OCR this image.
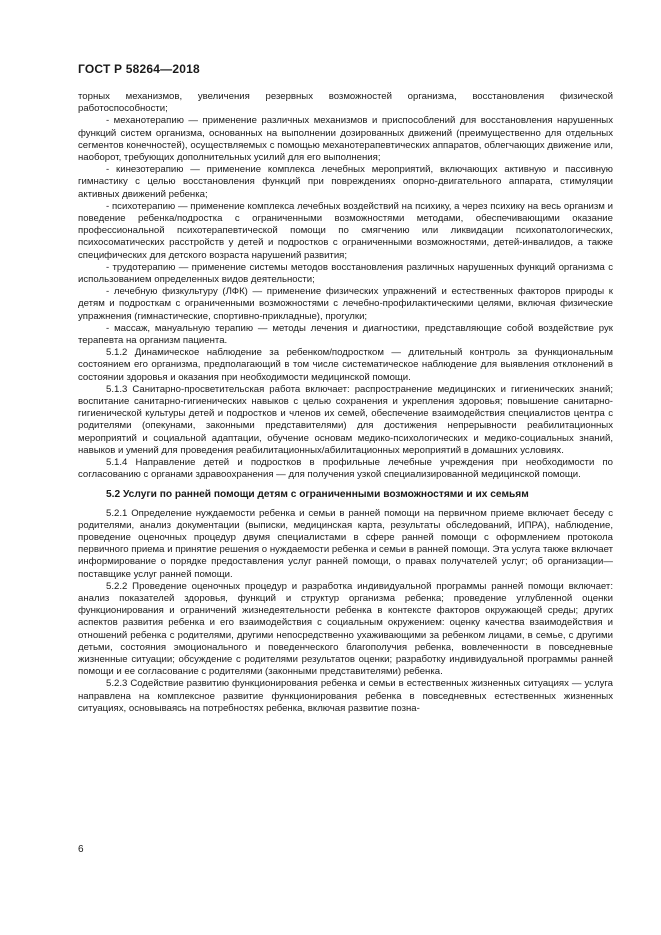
ГОСТ Р 58264—2018

торных механизмов, увеличения резервных возможностей организма, восстановления физической работоспособности;

- механотерапию — применение различных механизмов и приспособлений для восстановления нарушенных функций систем организма, основанных на выполнении дозированных движений (преимущественно для отдельных сегментов конечностей), осуществляемых с помощью механотерапевтических аппаратов, облегчающих движение или, наоборот, требующих дополнительных усилий для его выполнения;

- кинезотерапию — применение комплекса лечебных мероприятий, включающих активную и пассивную гимнастику с целью восстановления функций при повреждениях опорно-двигательного аппарата, стимуляции активных движений ребенка;

- психотерапию — применение комплекса лечебных воздействий на психику, а через психику на весь организм и поведение ребенка/подростка с ограниченными возможностями методами, обеспечивающими оказание профессиональной психотерапевтической помощи по смягчению или ликвидации психопатологических, психосоматических расстройств у детей и подростков с ограниченными возможностями, детей-инвалидов, а также специфических для детского возраста нарушений развития;

- трудотерапию — применение системы методов восстановления различных нарушенных функций организма с использованием определенных видов деятельности;

- лечебную физкультуру (ЛФК) — применение физических упражнений и естественных факторов природы к детям и подросткам с ограниченными возможностями с лечебно-профилактическими целями, включая физические упражнения (гимнастические, спортивно-прикладные), прогулки;

- массаж, мануальную терапию — методы лечения и диагностики, представляющие собой воздействие рук терапевта на организм пациента.

5.1.2 Динамическое наблюдение за ребенком/подростком — длительный контроль за функциональным состоянием его организма, предполагающий в том числе систематическое наблюдение для выявления отклонений в состоянии здоровья и оказания при необходимости медицинской помощи.

5.1.3 Санитарно-просветительская работа включает: распространение медицинских и гигиенических знаний; воспитание санитарно-гигиенических навыков с целью сохранения и укрепления здоровья; повышение санитарно-гигиенической культуры детей и подростков и членов их семей, обеспечение взаимодействия специалистов центра с родителями (опекунами, законными представителями) для достижения непрерывности реабилитационных мероприятий и социальной адаптации, обучение основам медико-психологических и медико-социальных знаний, навыков и умений для проведения реабилитационных/абилитационных мероприятий в домашних условиях.

5.1.4 Направление детей и подростков в профильные лечебные учреждения при необходимости по согласованию с органами здравоохранения — для получения узкой специализированной медицинской помощи.

5.2 Услуги по ранней помощи детям с ограниченными возможностями и их семьям

5.2.1 Определение нуждаемости ребенка и семьи в ранней помощи на первичном приеме включает беседу с родителями, анализ документации (выписки, медицинская карта, результаты обследований, ИПРА), наблюдение, проведение оценочных процедур двумя специалистами в сфере ранней помощи с оформлением протокола первичного приема и принятие решения о нуждаемости ребенка и семьи в ранней помощи. Эта услуга также включает информирование о порядке предоставления услуг ранней помощи, о правах получателей услуг; об организации—поставщике услуг ранней помощи.

5.2.2 Проведение оценочных процедур и разработка индивидуальной программы ранней помощи включает: анализ показателей здоровья, функций и структур организма ребенка; проведение углубленной оценки функционирования и ограничений жизнедеятельности ребенка в контексте факторов окружающей среды; других аспектов развития ребенка и его взаимодействия с социальным окружением: оценку качества взаимодействия и отношений ребенка с родителями, другими непосредственно ухаживающими за ребенком лицами, в семье, с другими детьми, состояния эмоционального и поведенческого благополучия ребенка, вовлеченности в повседневные жизненные ситуации; обсуждение с родителями результатов оценки; разработку индивидуальной программы ранней помощи и ее согласование с родителями (законными представителями) ребенка.

5.2.3 Содействие развитию функционирования ребенка и семьи в естественных жизненных ситуациях — услуга направлена на комплексное развитие функционирования ребенка в повседневных естественных жизненных ситуациях, основываясь на потребностях ребенка, включая развитие позна-

6
